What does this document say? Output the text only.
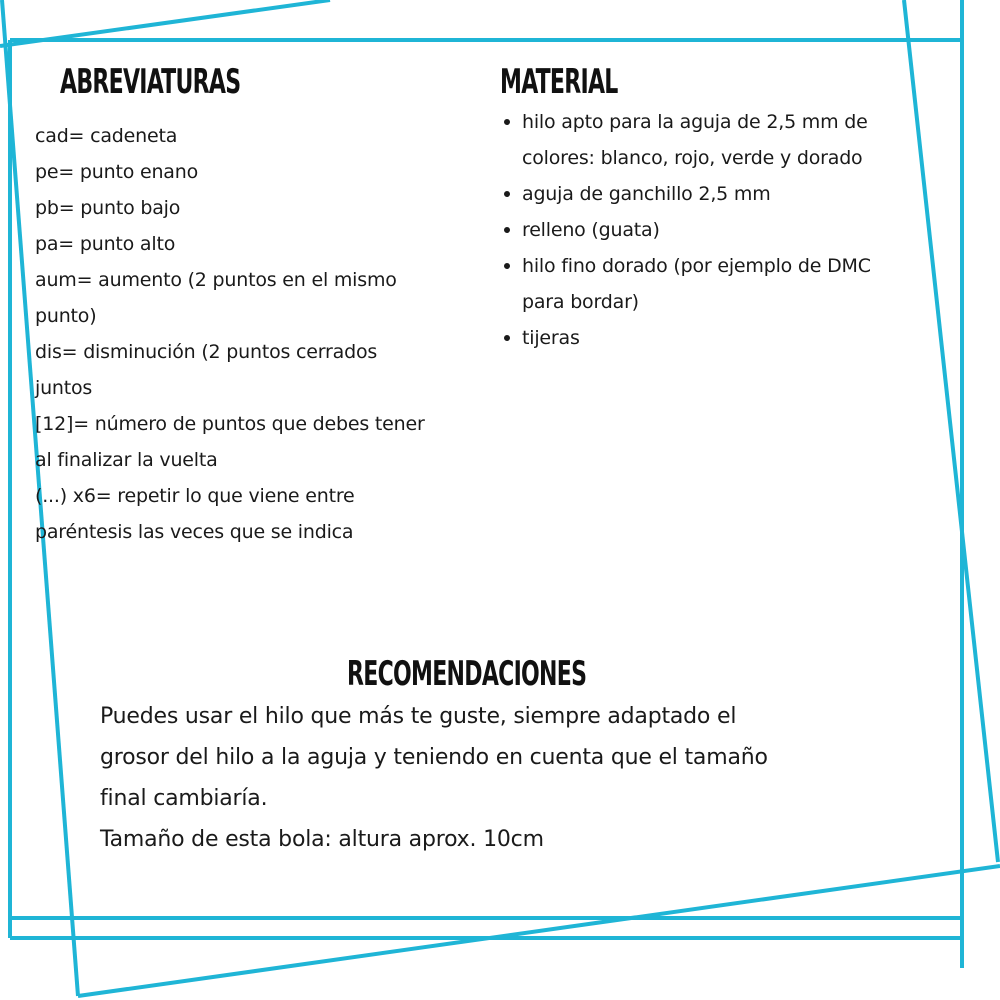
ABREVIATURAS
cad= cadeneta
pe= punto enano
pb= punto bajo
pa= punto alto
aum= aumento (2 puntos en el mismo
punto)
dis= disminución (2 puntos cerrados
juntos
[12]= número de puntos que debes tener
al finalizar la vuelta
(...) x6= repetir lo que viene entre
paréntesis las veces que se indica
MATERIAL
hilo apto para la aguja de 2,5 mm de
colores: blanco, rojo, verde y dorado
aguja de ganchillo 2,5 mm
relleno (guata)
hilo fino dorado (por ejemplo de DMC
para bordar)
tijeras
RECOMENDACIONES
Puedes usar el hilo que más te guste, siempre adaptado el
grosor del hilo a la aguja y teniendo en cuenta que el tamaño
final cambiaría.
Tamaño de esta bola: altura aprox. 10cm
